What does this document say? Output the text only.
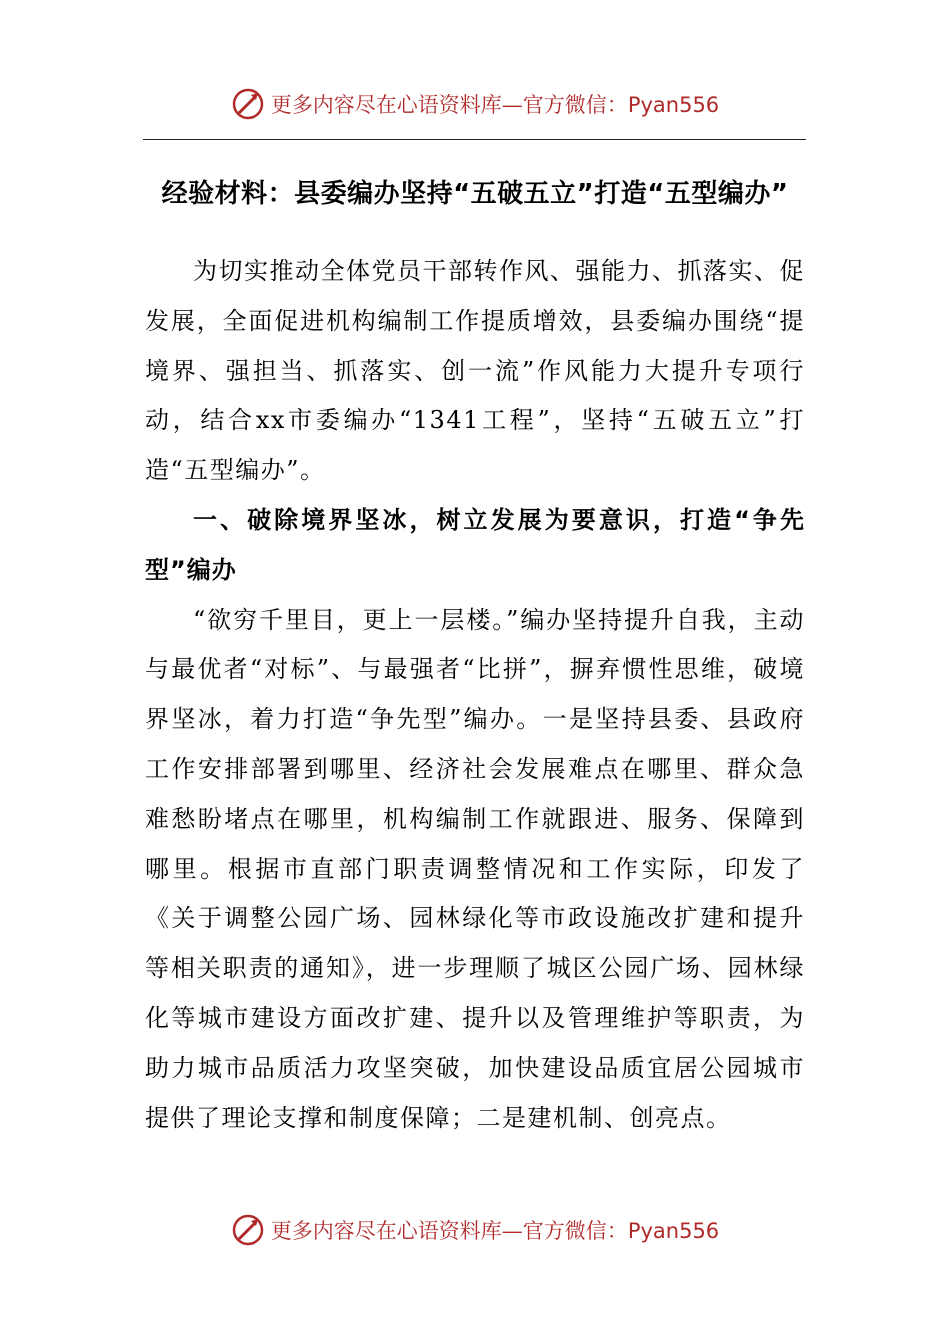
更多内容尽在心语资料库—官方微信：Pyan556
经验材料：县委编办坚持“五破五立”打造“五型编办”

为切实推动全体党员干部转作风、强能力、抓落实、促发展，全面促进机构编制工作提质增效，县委编办围绕“提境界、强担当、抓落实、创一流”作风能力大提升专项行动，结合xx市委编办“1341工程”，坚持“五破五立”打造“五型编办”。

一、破除境界坚冰，树立发展为要意识，打造“争先型”编办

“欲穷千里目，更上一层楼。”编办坚持提升自我，主动与最优者“对标”、与最强者“比拼”，摒弃惯性思维，破境界坚冰，着力打造“争先型”编办。一是坚持县委、县政府工作安排部署到哪里、经济社会发展难点在哪里、群众急难愁盼堵点在哪里，机构编制工作就跟进、服务、保障到哪里。根据市直部门职责调整情况和工作实际，印发了《关于调整公园广场、园林绿化等市政设施改扩建和提升等相关职责的通知》，进一步理顺了城区公园广场、园林绿化等城市建设方面改扩建、提升以及管理维护等职责，为助力城市品质活力攻坚突破，加快建设品质宜居公园城市提供了理论支撑和制度保障；二是建机制、创亮点。

更多内容尽在心语资料库—官方微信：Pyan556
